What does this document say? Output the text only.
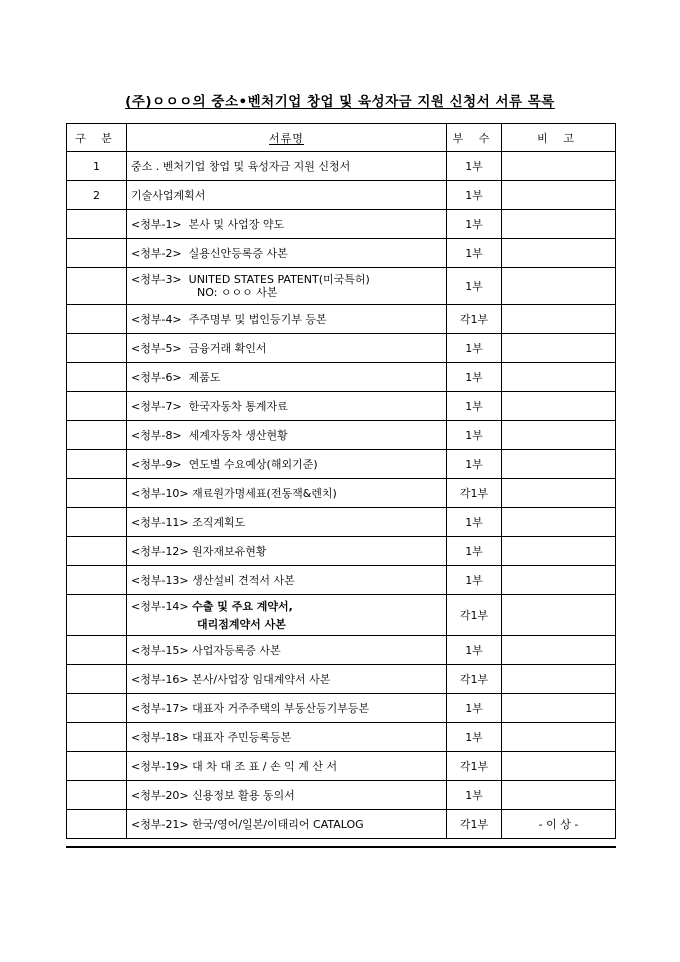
(주)ㅇㅇㅇ의 중소•벤처기업 창업 및 육성자금 지원 신청서 서류 목록
구 분	서류명	부 수	비 고
1	중소 . 벤처기업 창업 및 육성자금 지원 신청서	1부	
2	기술사업계획서	1부	
	<청부-1> 본사 및 사업장 약도	1부	
	<청부-2> 실용신안등록증 사본	1부	
	<청부-3> UNITED STATES PATENT(미국특허)
NO: ㅇㅇㅇ 사본	1부	
	<청부-4> 주주명부 및 법인등기부 등본	각1부	
	<청부-5> 금융거래 확인서	1부	
	<청부-6> 제품도	1부	
	<청부-7> 한국자동차 통계자료	1부	
	<청부-8> 세계자동차 생산현황	1부	
	<청부-9> 연도별 수요예상(해외기준)	1부	
	<청부-10> 재료원가명세표(전동잭&렌치)	각1부	
	<청부-11> 조직계획도	1부	
	<청부-12> 원자재보유현황	1부	
	<청부-13> 생산설비 견적서 사본	1부	
	<청부-14> 수출 및 주요 계약서,
대리점계약서 사본	각1부	
	<청부-15> 사업자등록증 사본	1부	
	<청부-16> 본사/사업장 임대계약서 사본	각1부	
	<청부-17> 대표자 거주주택의 부동산등기부등본	1부	
	<청부-18> 대표자 주민등록등본	1부	
	<청부-19> 대 차 대 조 표 / 손 익 계 산 서	각1부	
	<청부-20> 신용정보 활용 동의서	1부	
	<청부-21> 한국/영어/일본/이태리어 CATALOG	각1부	- 이 상 -
